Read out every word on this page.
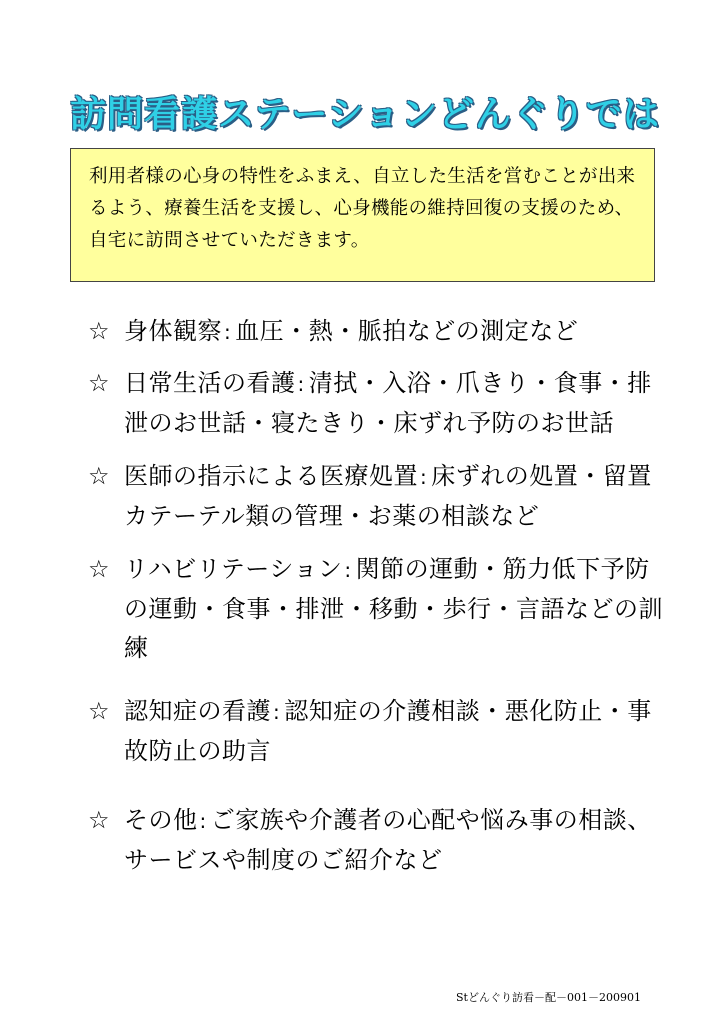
訪問看護ステーションどんぐりでは
利用者様の心身の特性をふまえ、自立した生活を営むことが出来るよう、療養生活を支援し、心身機能の維持回復の支援のため、自宅に訪問させていただきます。
☆ 身体観察 : 血圧・熱・脈拍などの測定など
☆ 日常生活の看護 : 清拭・入浴・爪きり・食事・排泄のお世話・寝たきり・床ずれ予防のお世話
☆ 医師の指示による医療処置 : 床ずれの処置・留置カテーテル類の管理・お薬の相談など
☆ リハビリテーション : 関節の運動・筋力低下予防の運動・食事・排泄・移動・歩行・言語などの訓練
☆ 認知症の看護 : 認知症の介護相談・悪化防止・事故防止の助言
☆ その他 : ご家族や介護者の心配や悩み事の相談、サービスや制度のご紹介など
Stどんぐり訪看－配－001－200901
